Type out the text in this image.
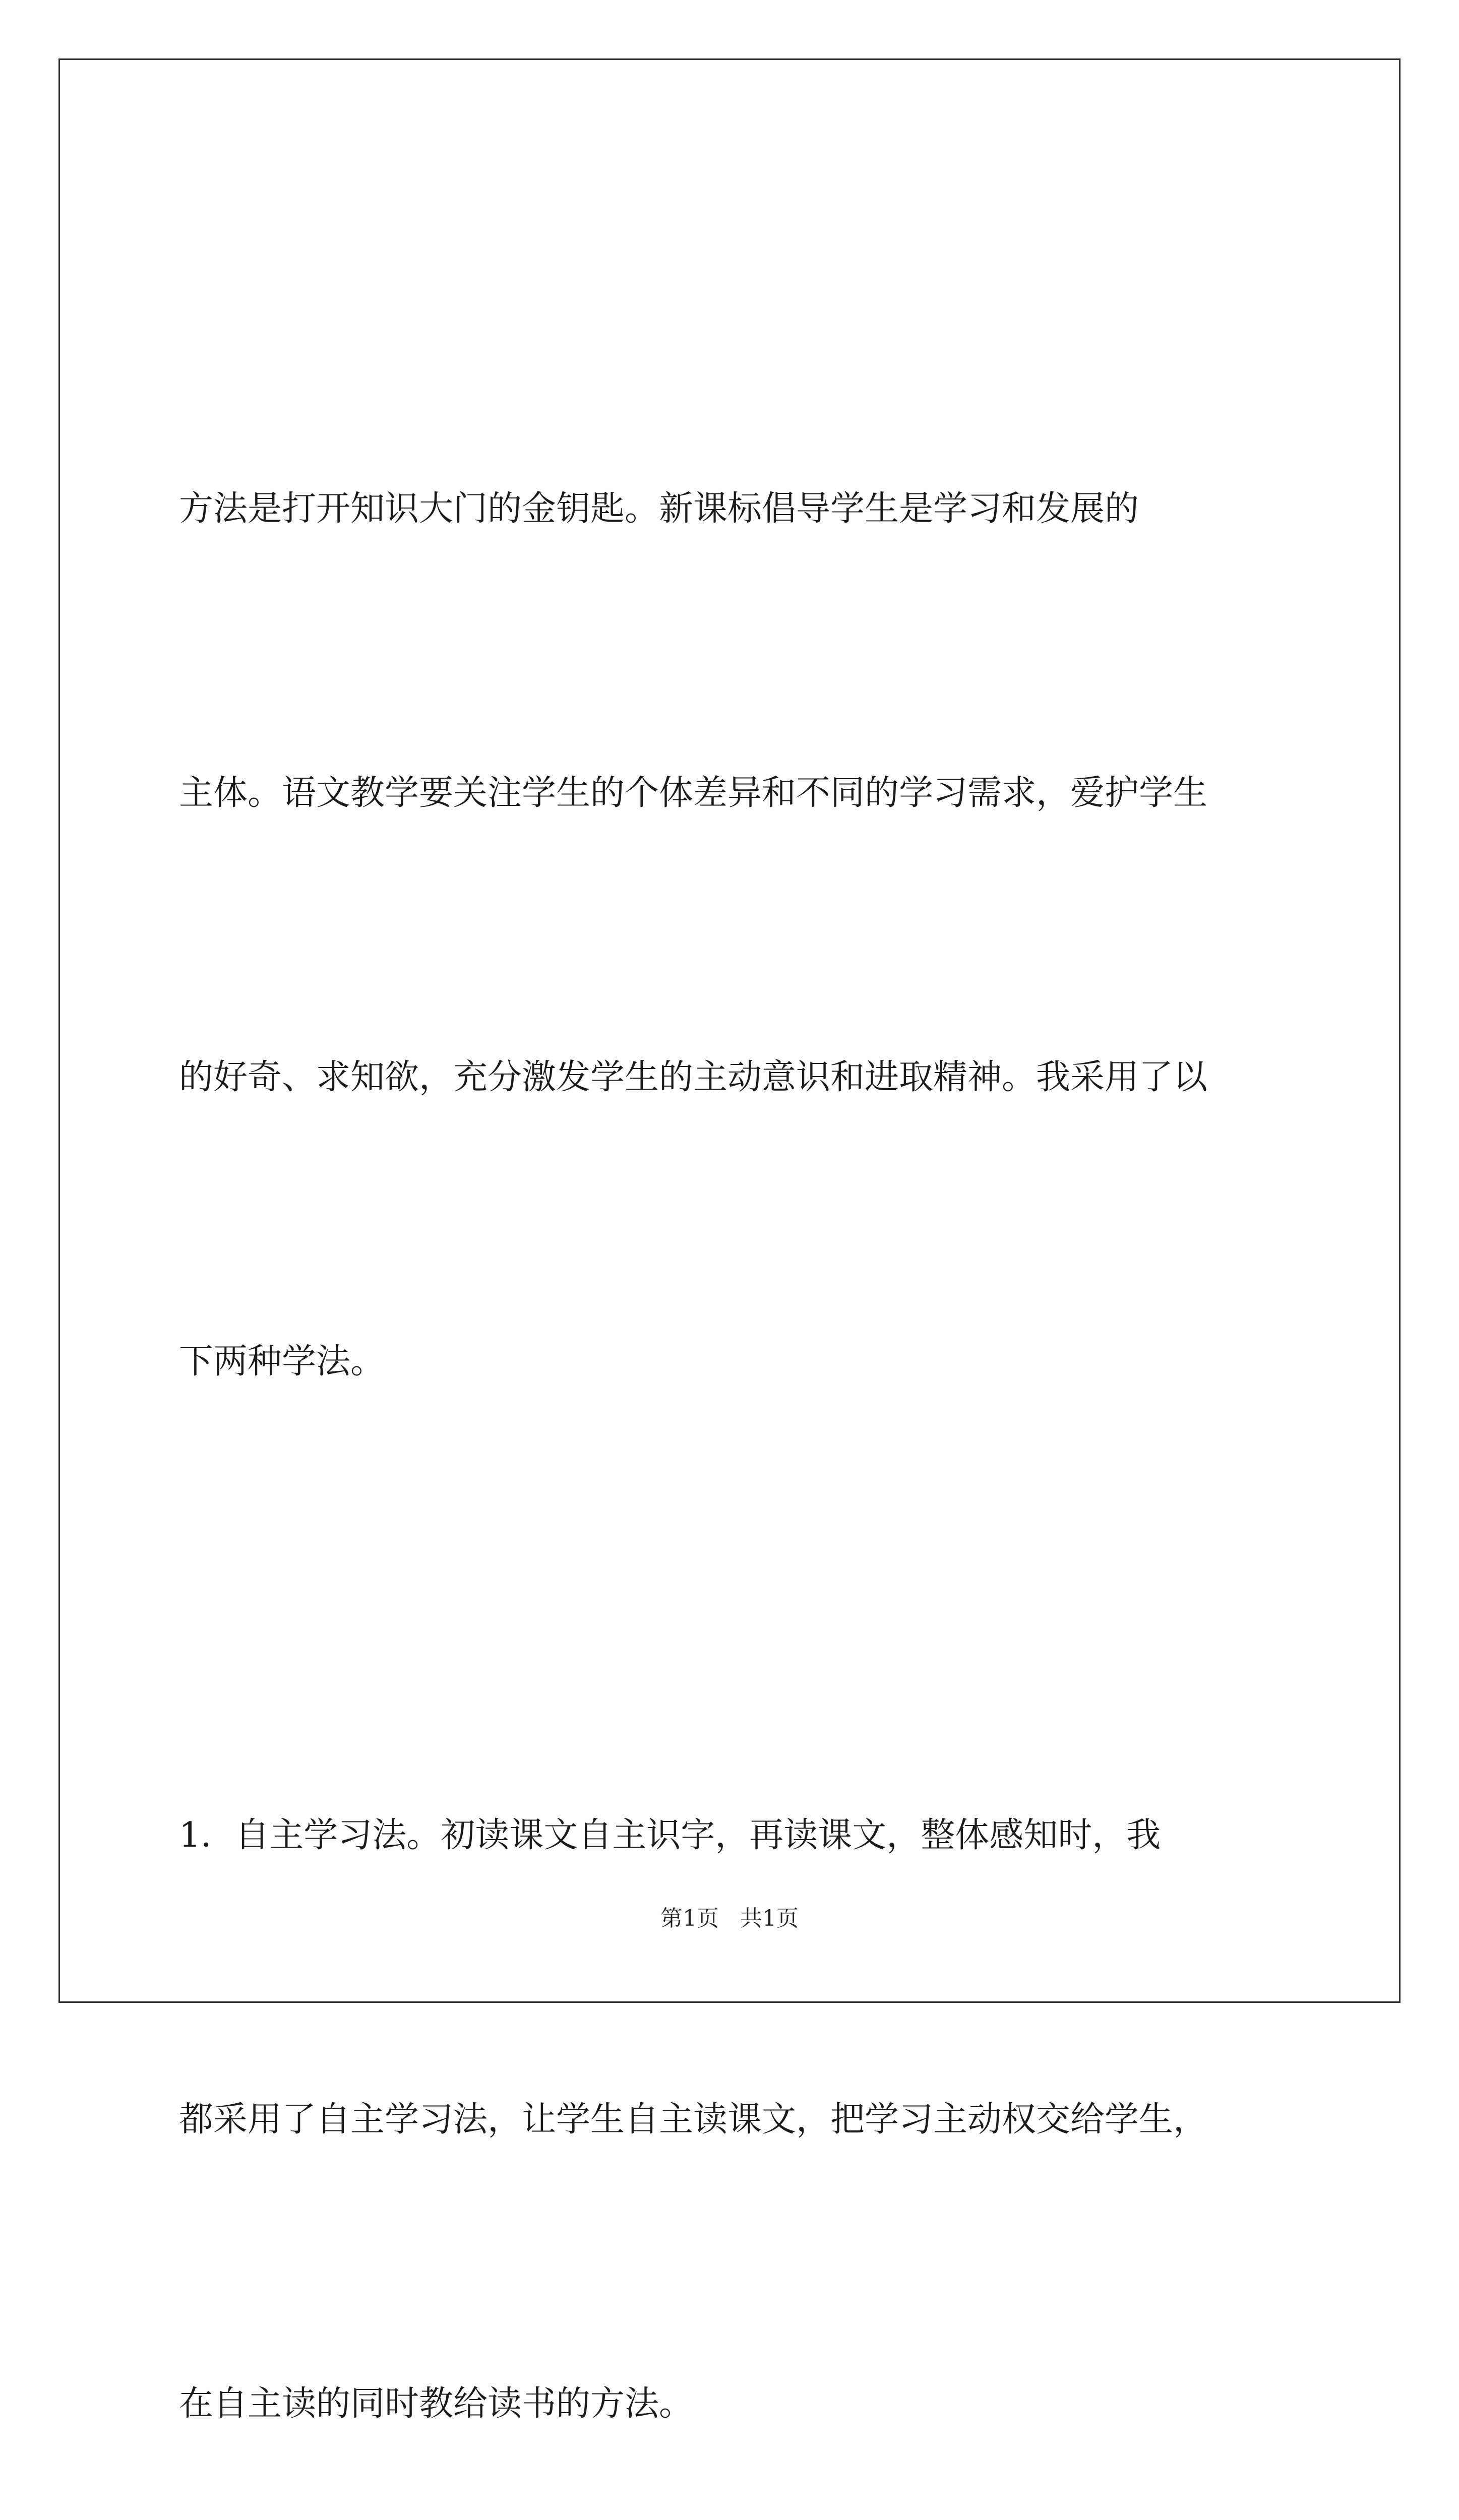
方法是打开知识大门的金钥匙。新课标倡导学生是学习和发展的

主体。语文教学要关注学生的个体差异和不同的学习需求，爱护学生

的好奇、求知欲，充分激发学生的主动意识和进取精神。我采用了以

下两种学法。

1．自主学习法。初读课文自主识字，再读课文，整体感知时，我

都采用了自主学习法，让学生自主读课文，把学习主动权交给学生，

在自主读的同时教给读书的方法。

第1页   共1页
